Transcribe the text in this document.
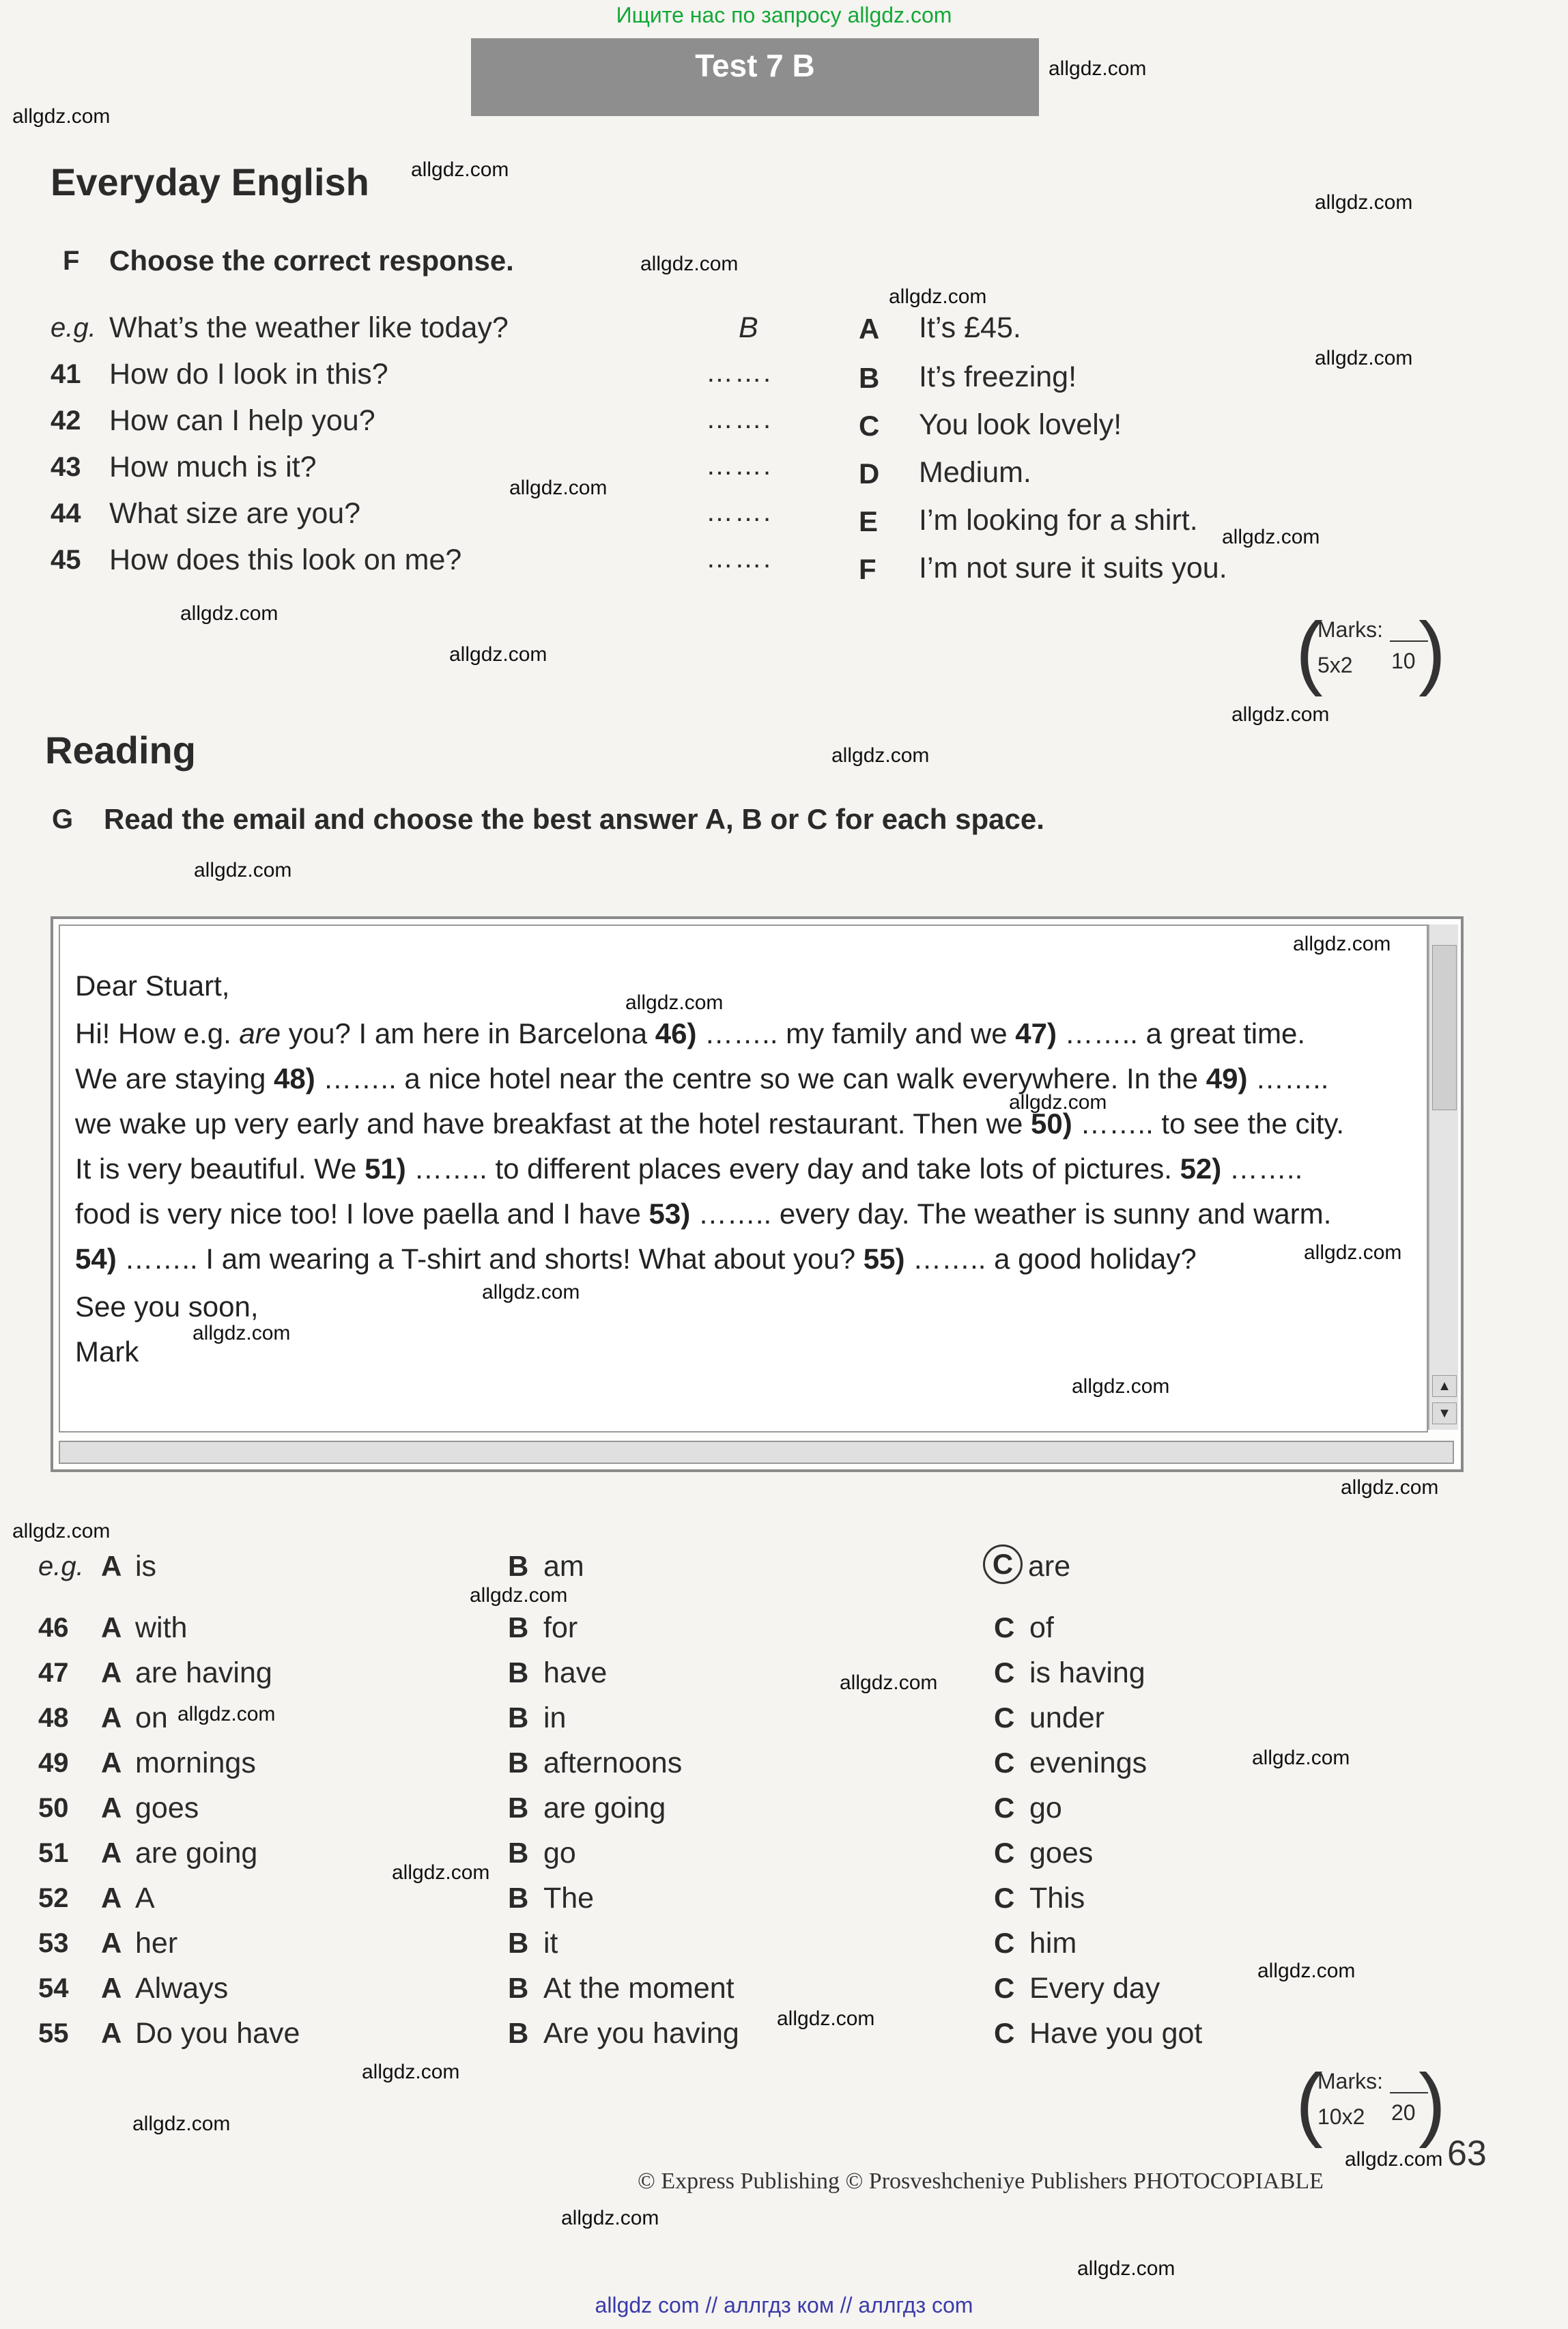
Ищите нас по запросу allgdz.com
Test 7 B
Everyday English
F Choose the correct response.
e.g. What’s the weather like today?	B
41 How do I look in this?	…….
42 How can I help you?	…….
43 How much is it?	…….
44 What size are you?	…….
45 How does this look on me?	…….
A It’s £45.
B It’s freezing!
C You look lovely!
D Medium.
E I’m looking for a shirt.
F I’m not sure it suits you.
(
Marks:
5x2 10 )
Reading
G Read the email and choose the best answer A, B or C for each space.
▲
▼
Dear Stuart,
Hi! How e.g. are you? I am here in Barcelona 46) …….. my family and we 47) …….. a great time.
We are staying 48) …….. a nice hotel near the centre so we can walk everywhere. In the 49) ……..
we wake up very early and have breakfast at the hotel restaurant. Then we 50) …….. to see the city.
It is very beautiful. We 51) …….. to different places every day and take lots of pictures. 52) ……..
food is very nice too! I love paella and I have 53) …….. every day. The weather is sunny and warm.
54) …….. I am wearing a T-shirt and shorts! What about you? 55) …….. a good holiday?
See you soon,
Mark
e.g. A is	B am	C are
46 A with	B for	C of
47 A are having	B have	C is having
48 A on	B in	C under
49 A mornings	B afternoons	C evenings
50 A goes	B are going	C go
51 A are going	B go	C goes
52 A A	B The	C This
53 A her	B it	C him
54 A Always	B At the moment	C Every day
55 A Do you have	B Are you having	C Have you got
(
Marks:
10x2 20 )
© Express Publishing © Prosveshcheniye Publishers PHOTOCOPIABLE
63
allgdz.com
allgdz.com
allgdz.com
allgdz.com
allgdz.com
allgdz.com
allgdz.com
allgdz.com
allgdz.com
allgdz.com
allgdz.com
allgdz.com
allgdz.com
allgdz.com
allgdz.com
allgdz.com
allgdz.com
allgdz.com
allgdz.com
allgdz.com
allgdz.com
allgdz.com
allgdz.com
allgdz.com
allgdz.com
allgdz.com
allgdz.com
allgdz.com
allgdz.com
allgdz.com
allgdz.com
allgdz.com
allgdz.com
allgdz.com
allgdz.com
allgdz com // аллгдз ком // аллгдз com
